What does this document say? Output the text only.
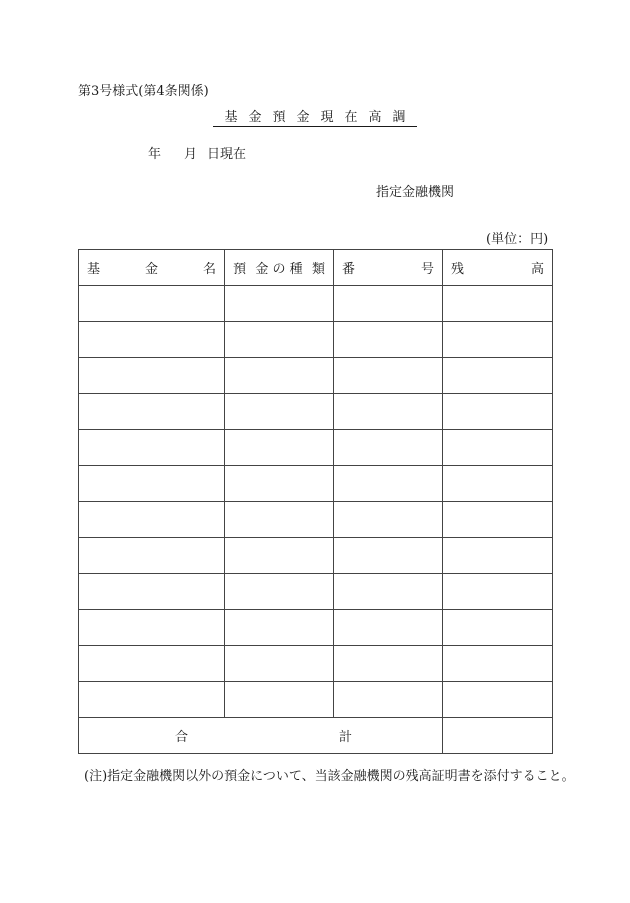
第3号様式(第4条関係)
基金預金現在高調
年 月 日現在
指定金融機関
(単位：円)
基 金 名	預 金 の 種 類	番 号	残 高

合 計			

(注)指定金融機関以外の預金について、当該金融機関の残高証明書を添付すること。
